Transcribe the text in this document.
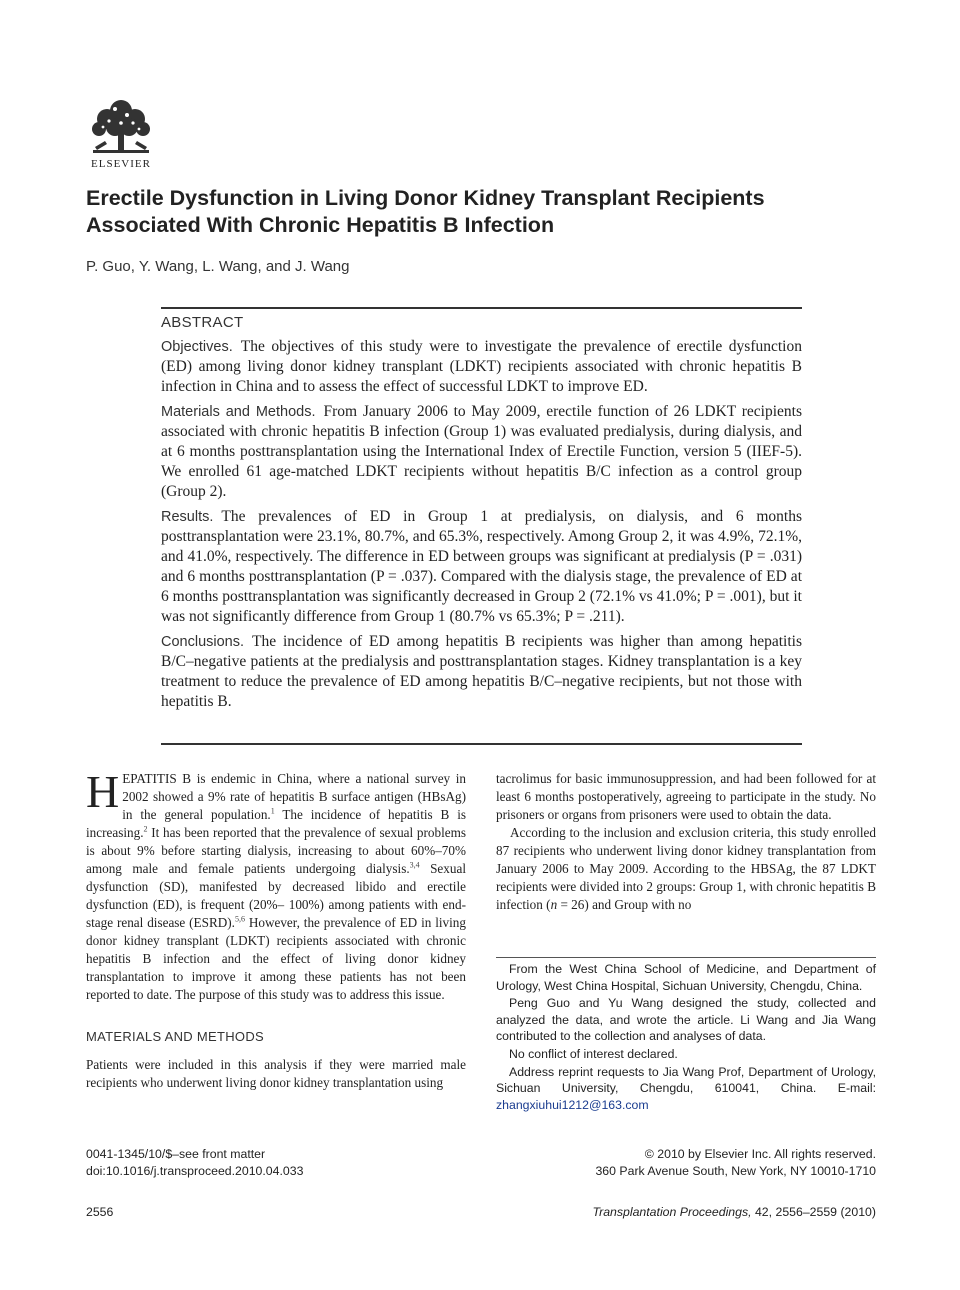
ELSEVIER
Erectile Dysfunction in Living Donor Kidney Transplant Recipients Associated With Chronic Hepatitis B Infection
P. Guo, Y. Wang, L. Wang, and J. Wang
ABSTRACT

Objectives. The objectives of this study were to investigate the prevalence of erectile dysfunction (ED) among living donor kidney transplant (LDKT) recipients associated with chronic hepatitis B infection in China and to assess the effect of successful LDKT to improve ED.

Materials and Methods. From January 2006 to May 2009, erectile function of 26 LDKT recipients associated with chronic hepatitis B infection (Group 1) was evaluated predialysis, during dialysis, and at 6 months posttransplantation using the International Index of Erectile Function, version 5 (IIEF-5). We enrolled 61 age-matched LDKT recipients without hepatitis B/C infection as a control group (Group 2).

Results. The prevalences of ED in Group 1 at predialysis, on dialysis, and 6 months posttransplantation were 23.1%, 80.7%, and 65.3%, respectively. Among Group 2, it was 4.9%, 72.1%, and 41.0%, respectively. The difference in ED between groups was significant at predialysis (P = .031) and 6 months posttransplantation (P = .037). Compared with the dialysis stage, the prevalence of ED at 6 months posttransplantation was significantly decreased in Group 2 (72.1% vs 41.0%; P = .001), but it was not significantly difference from Group 1 (80.7% vs 65.3%; P = .211).

Conclusions. The incidence of ED among hepatitis B recipients was higher than among hepatitis B/C–negative patients at the predialysis and posttransplantation stages. Kidney transplantation is a key treatment to reduce the prevalence of ED among hepatitis B/C–negative recipients, but not those with hepatitis B.

HEPATITIS B is endemic in China, where a national survey in 2002 showed a 9% rate of hepatitis B surface antigen (HBsAg) in the general population.$^1$ The incidence of hepatitis B is increasing.$^2$ It has been reported that the prevalence of sexual problems is about 9% before starting dialysis, increasing to about 60%–70% among male and female patients undergoing dialysis.$^{3,4}$ Sexual dysfunction (SD), manifested by decreased libido and erectile dysfunction (ED), is frequent (20%– 100%) among patients with end-stage renal disease (ESRD).$^{5,6}$ However, the prevalence of ED in living donor kidney transplant (LDKT) recipients associated with chronic hepatitis B infection and the effect of living donor kidney transplantation to improve it among these patients has not been reported to date. The purpose of this study was to address this issue.

MATERIALS AND METHODS

Patients were included in this analysis if they were married male recipients who underwent living donor kidney transplantation using

tacrolimus for basic immunosuppression, and had been followed for at least 6 months postoperatively, agreeing to participate in the study. No prisoners or organs from prisoners were used to obtain the data.

According to the inclusion and exclusion criteria, this study enrolled 87 recipients who underwent living donor kidney transplantation from January 2006 to May 2009. According to the HBSAg, the 87 LDKT recipients were divided into 2 groups: Group 1, with chronic hepatitis B infection (n = 26) and Group with no

From the West China School of Medicine, and Department of Urology, West China Hospital, Sichuan University, Chengdu, China.

Peng Guo and Yu Wang designed the study, collected and analyzed the data, and wrote the article. Li Wang and Jia Wang contributed to the collection and analyses of data.

No conflict of interest declared.

Address reprint requests to Jia Wang Prof, Department of Urology, Sichuan University, Chengdu, 610041, China. E-mail: zhangxiuhui1212@163.com

0041-1345/10/$–see front matter
doi:10.1016/j.transproceed.2010.04.033
© 2010 by Elsevier Inc. All rights reserved.
360 Park Avenue South, New York, NY 10010-1710
2556	Transplantation Proceedings, 42, 2556–2559 (2010)
